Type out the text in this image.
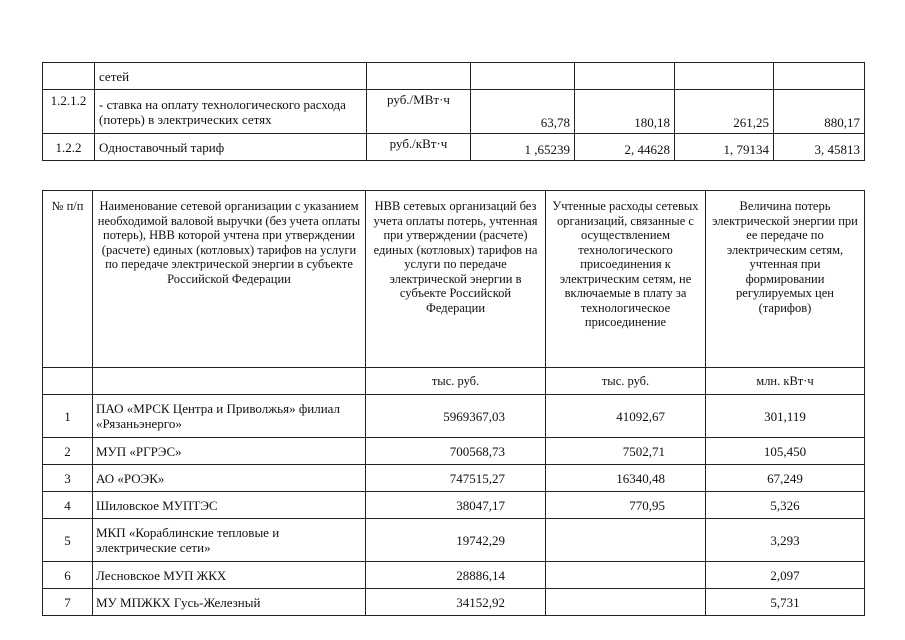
	сетей					
1.2.1.2	- ставка на оплату технологического расхода (потерь) в электрических сетях	руб./МВт·ч	63,78	180,18	261,25	880,17
1.2.2	Одноставочный тариф	руб./кВт·ч	1 ,65239	2, 44628	1, 79134	3, 45813
№ п/п	Наименование сетевой организации с указанием необходимой валовой выручки (без учета оплаты потерь), НВВ которой учтена при утверждении (расчете) единых (котловых) тарифов на услуги по передаче электрической энергии в субъекте Российской Федерации	НВВ сетевых организаций без учета оплаты потерь, учтенная при утверждении (расчете) единых (котловых) тарифов на услуги по передаче электрической энергии в субъекте Российской Федерации	Учтенные расходы сетевых организаций, связанные с осуществлением технологического присоединения к электрическим сетям, не включаемые в плату за технологическое присоединение	Величина потерь электрической энергии при ее передаче по электрическим сетям, учтенная при формировании регулируемых цен (тарифов)
		тыс. руб.	тыс. руб.	млн. кВт·ч
1	ПАО «МРСК Центра и Приволжья» филиал «Рязаньэнерго»	5969367,03	41092,67	301,119
2	МУП «РГРЭС»	700568,73	7502,71	105,450
3	АО «РОЭК»	747515,27	16340,48	67,249
4	Шиловское МУПТЭС	38047,17	770,95	5,326
5	МКП «Кораблинские тепловые и электрические сети»	19742,29		3,293
6	Лесновское МУП ЖКХ	28886,14		2,097
7	МУ МПЖКХ Гусь-Железный	34152,92		5,731
